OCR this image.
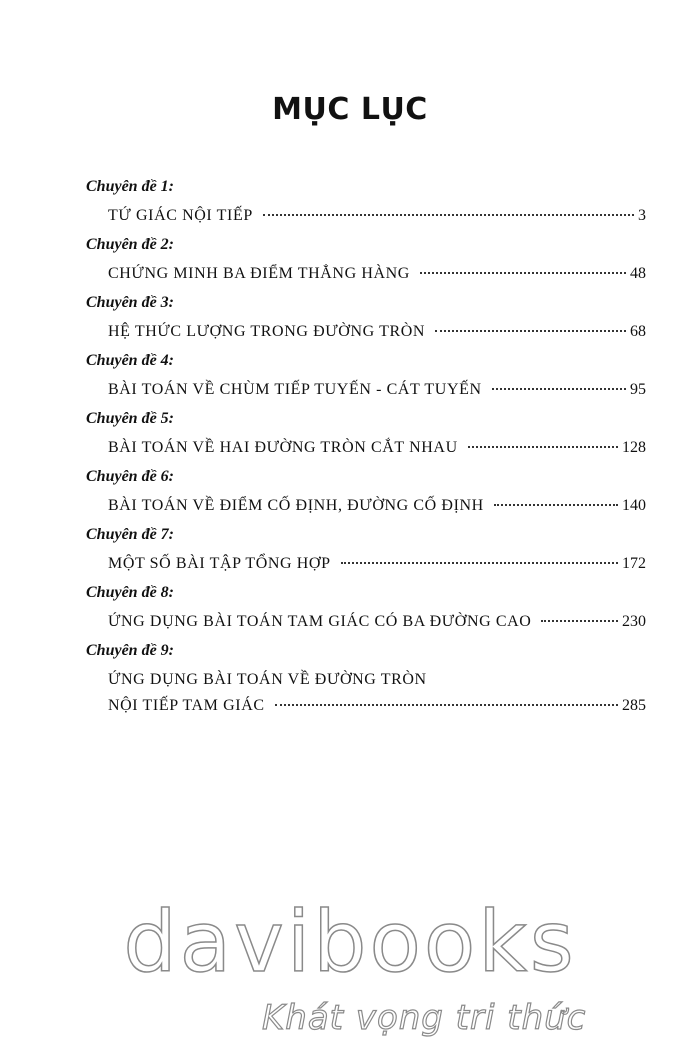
MỤC LỤC
Chuyên đề 1:
TỨ GIÁC NỘI TIẾP	3
Chuyên đề 2:
CHỨNG MINH BA ĐIỂM THẲNG HÀNG	48
Chuyên đề 3:
HỆ THỨC LƯỢNG TRONG ĐƯỜNG TRÒN	68
Chuyên đề 4:
BÀI TOÁN VỀ CHÙM TIẾP TUYẾN - CÁT TUYẾN	95
Chuyên đề 5:
BÀI TOÁN VỀ HAI ĐƯỜNG TRÒN CẮT NHAU	128
Chuyên đề 6:
BÀI TOÁN VỀ ĐIỂM CỐ ĐỊNH, ĐƯỜNG CỐ ĐỊNH	140
Chuyên đề 7:
MỘT SỐ BÀI TẬP TỔNG HỢP	172
Chuyên đề 8:
ỨNG DỤNG BÀI TOÁN TAM GIÁC CÓ BA ĐƯỜNG CAO	230
Chuyên đề 9:
ỨNG DỤNG BÀI TOÁN VỀ ĐƯỜNG TRÒN
NỘI TIẾP TAM GIÁC	285
davibooks
Khát vọng tri thức
